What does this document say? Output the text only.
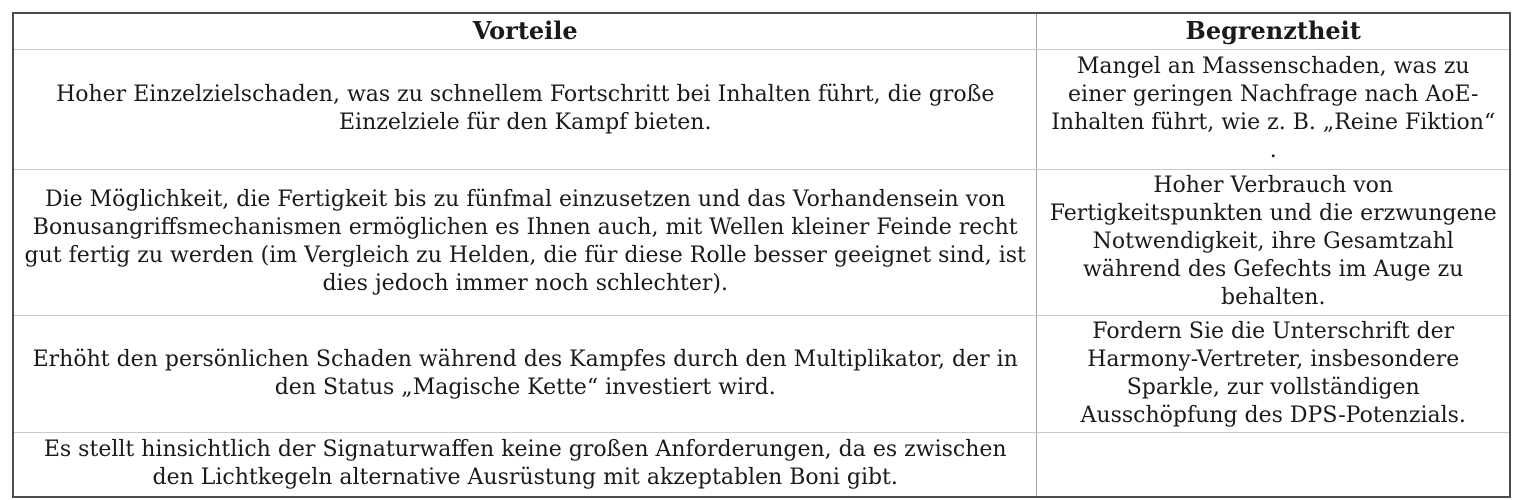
Vorteile	Begrenztheit
Hoher Einzelzielschaden, was zu schnellem Fortschritt bei Inhalten führt, die große Einzelziele für den Kampf bieten.	Mangel an Massenschaden, was zu einer geringen Nachfrage nach AoE-Inhalten führt, wie z. B. „Reine Fiktion“ .
Die Möglichkeit, die Fertigkeit bis zu fünfmal einzusetzen und das Vorhandensein von Bonusangriffsmechanismen ermöglichen es Ihnen auch, mit Wellen kleiner Feinde recht gut fertig zu werden (im Vergleich zu Helden, die für diese Rolle besser geeignet sind, ist dies jedoch immer noch schlechter).	Hoher Verbrauch von Fertigkeitspunkten und die erzwungene Notwendigkeit, ihre Gesamtzahl während des Gefechts im Auge zu behalten.
Erhöht den persönlichen Schaden während des Kampfes durch den Multiplikator, der in den Status „Magische Kette“ investiert wird.	Fordern Sie die Unterschrift der Harmony-Vertreter, insbesondere Sparkle, zur vollständigen Ausschöpfung des DPS-Potenzials.
Es stellt hinsichtlich der Signaturwaffen keine großen Anforderungen, da es zwischen den Lichtkegeln alternative Ausrüstung mit akzeptablen Boni gibt.	
